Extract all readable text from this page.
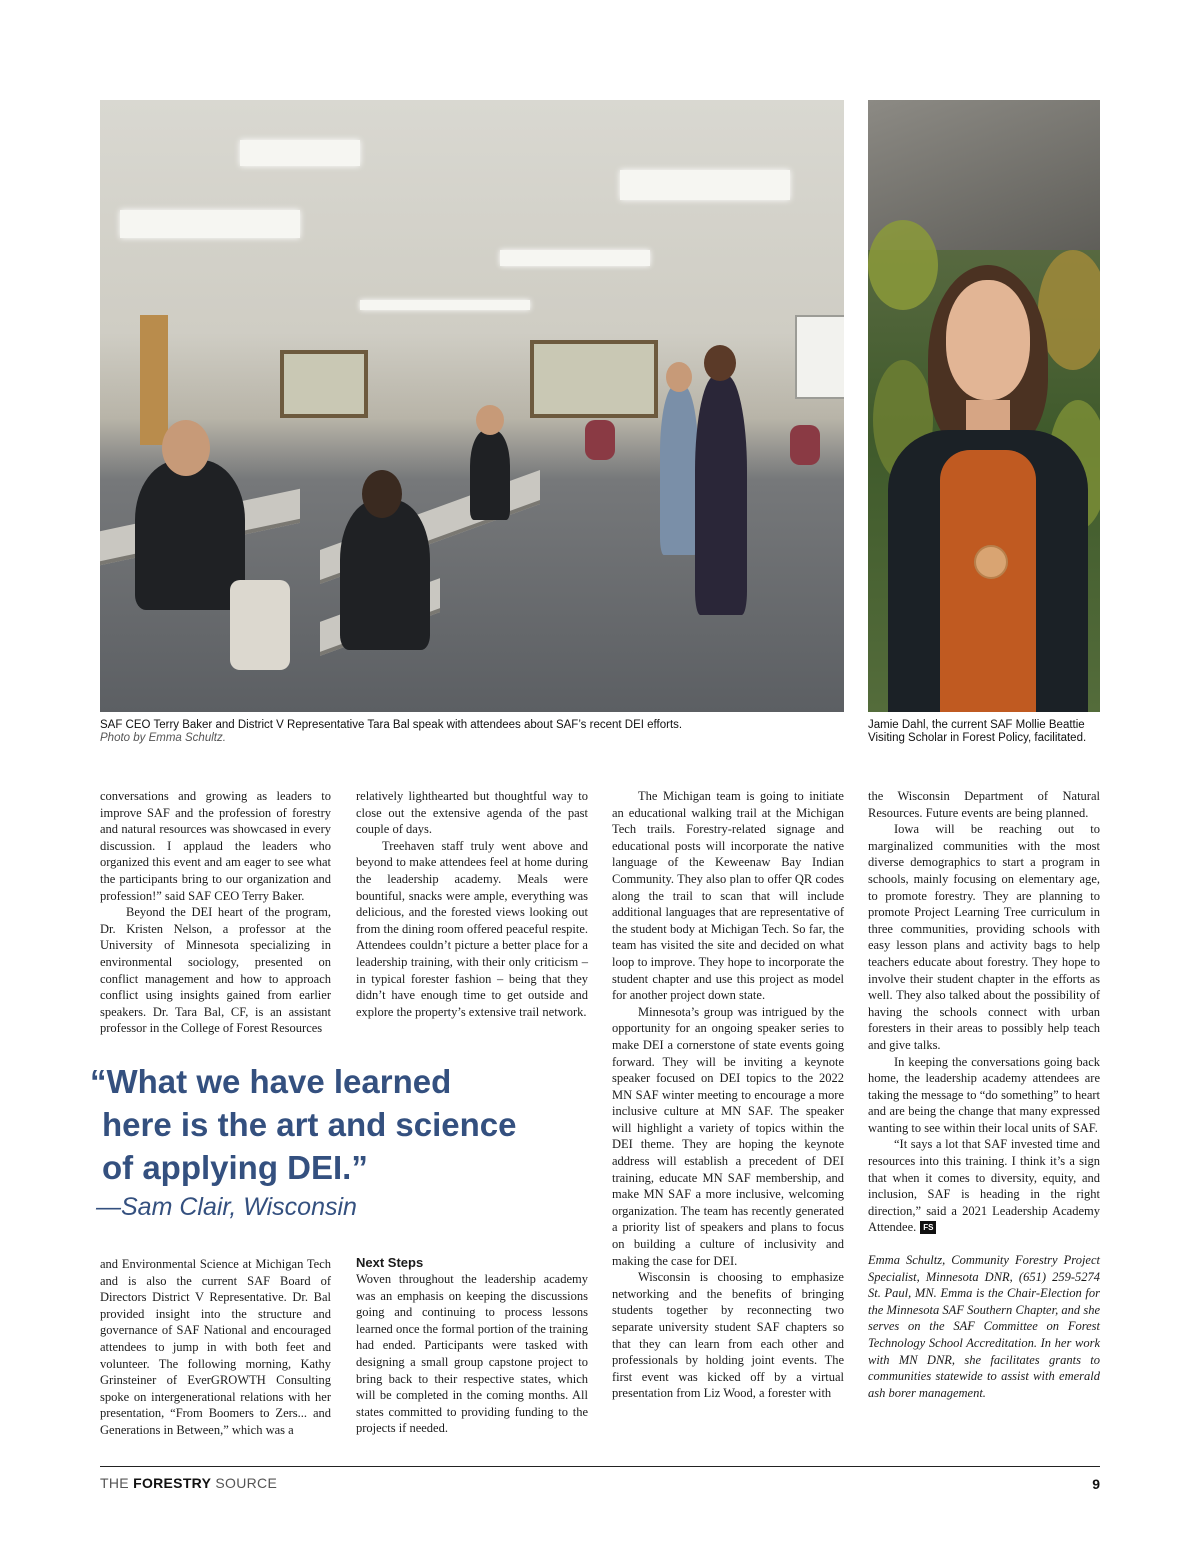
SAF CEO Terry Baker and District V Representative Tara Bal speak with attendees about SAF’s recent DEI efforts.
Photo by Emma Schultz.
Jamie Dahl, the current SAF Mollie Beattie Visiting Scholar in Forest Policy, facilitated.

conversations and growing as leaders to improve SAF and the profession of forestry and natural resources was showcased in every discussion. I applaud the leaders who organized this event and am eager to see what the participants bring to our organization and profession!” said SAF CEO Terry Baker.

Beyond the DEI heart of the program, Dr. Kristen Nelson, a professor at the University of Minnesota specializing in environmental sociology, presented on conflict management and how to approach conflict using insights gained from earlier speakers. Dr. Tara Bal, CF, is an assistant professor in the College of Forest Resources

relatively lighthearted but thoughtful way to close out the extensive agenda of the past couple of days.

Treehaven staff truly went above and beyond to make attendees feel at home during the leadership academy. Meals were bountiful, snacks were ample, everything was delicious, and the forested views looking out from the dining room offered peaceful respite. Attendees couldn’t picture a better place for a leadership training, with their only criticism – in typical forester fashion – being that they didn’t have enough time to get outside and explore the property’s extensive trail network.

“What we have learned
here is the art and science
of applying DEI.”
—Sam Clair, Wisconsin

and Environmental Science at Michigan Tech and is also the current SAF Board of Directors District V Representative. Dr. Bal provided insight into the structure and governance of SAF National and encouraged attendees to jump in with both feet and volunteer. The following morning, Kathy Grinsteiner of EverGROWTH Consulting spoke on intergenerational relations with her presentation, “From Boomers to Zers... and Generations in Between,” which was a

Next Steps

Woven throughout the leadership academy was an emphasis on keeping the discussions going and continuing to process lessons learned once the formal portion of the training had ended. Participants were tasked with designing a small group capstone project to bring back to their respective states, which will be completed in the coming months. All states committed to providing funding to the projects if needed.

The Michigan team is going to initiate an educational walking trail at the Michigan Tech trails. Forestry-related signage and educational posts will incorporate the native language of the Keweenaw Bay Indian Community. They also plan to offer QR codes along the trail to scan that will include additional languages that are representative of the student body at Michigan Tech. So far, the team has visited the site and decided on what loop to improve. They hope to incorporate the student chapter and use this project as model for another project down state.

Minnesota’s group was intrigued by the opportunity for an ongoing speaker series to make DEI a cornerstone of state events going forward. They will be inviting a keynote speaker focused on DEI topics to the 2022 MN SAF winter meeting to encourage a more inclusive culture at MN SAF. The speaker will highlight a variety of topics within the DEI theme. They are hoping the keynote address will establish a precedent of DEI training, educate MN SAF membership, and make MN SAF a more inclusive, welcoming organization. The team has recently generated a priority list of speakers and plans to focus on building a culture of inclusivity and making the case for DEI.

Wisconsin is choosing to emphasize networking and the benefits of bringing students together by reconnecting two separate university student SAF chapters so that they can learn from each other and professionals by holding joint events. The first event was kicked off by a virtual presentation from Liz Wood, a forester with

the Wisconsin Department of Natural Resources. Future events are being planned.

Iowa will be reaching out to marginalized communities with the most diverse demographics to start a program in schools, mainly focusing on elementary age, to promote forestry. They are planning to promote Project Learning Tree curriculum in three communities, providing schools with easy lesson plans and activity bags to help teachers educate about forestry. They hope to involve their student chapter in the efforts as well. They also talked about the possibility of having the schools connect with urban foresters in their areas to possibly help teach and give talks.

In keeping the conversations going back home, the leadership academy attendees are taking the message to “do something” to heart and are being the change that many expressed wanting to see within their local units of SAF.

“It says a lot that SAF invested time and resources into this training. I think it’s a sign that when it comes to diversity, equity, and inclusion, SAF is heading in the right direction,” said a 2021 Leadership Academy Attendee. FS

Emma Schultz, Community Forestry Project Specialist, Minnesota DNR, (651) 259-5274 St. Paul, MN. Emma is the Chair-Election for the Minnesota SAF Southern Chapter, and she serves on the SAF Committee on Forest Technology School Accreditation. In her work with MN DNR, she facilitates grants to communities statewide to assist with emerald ash borer management.

THE FORESTRY SOURCE	9
